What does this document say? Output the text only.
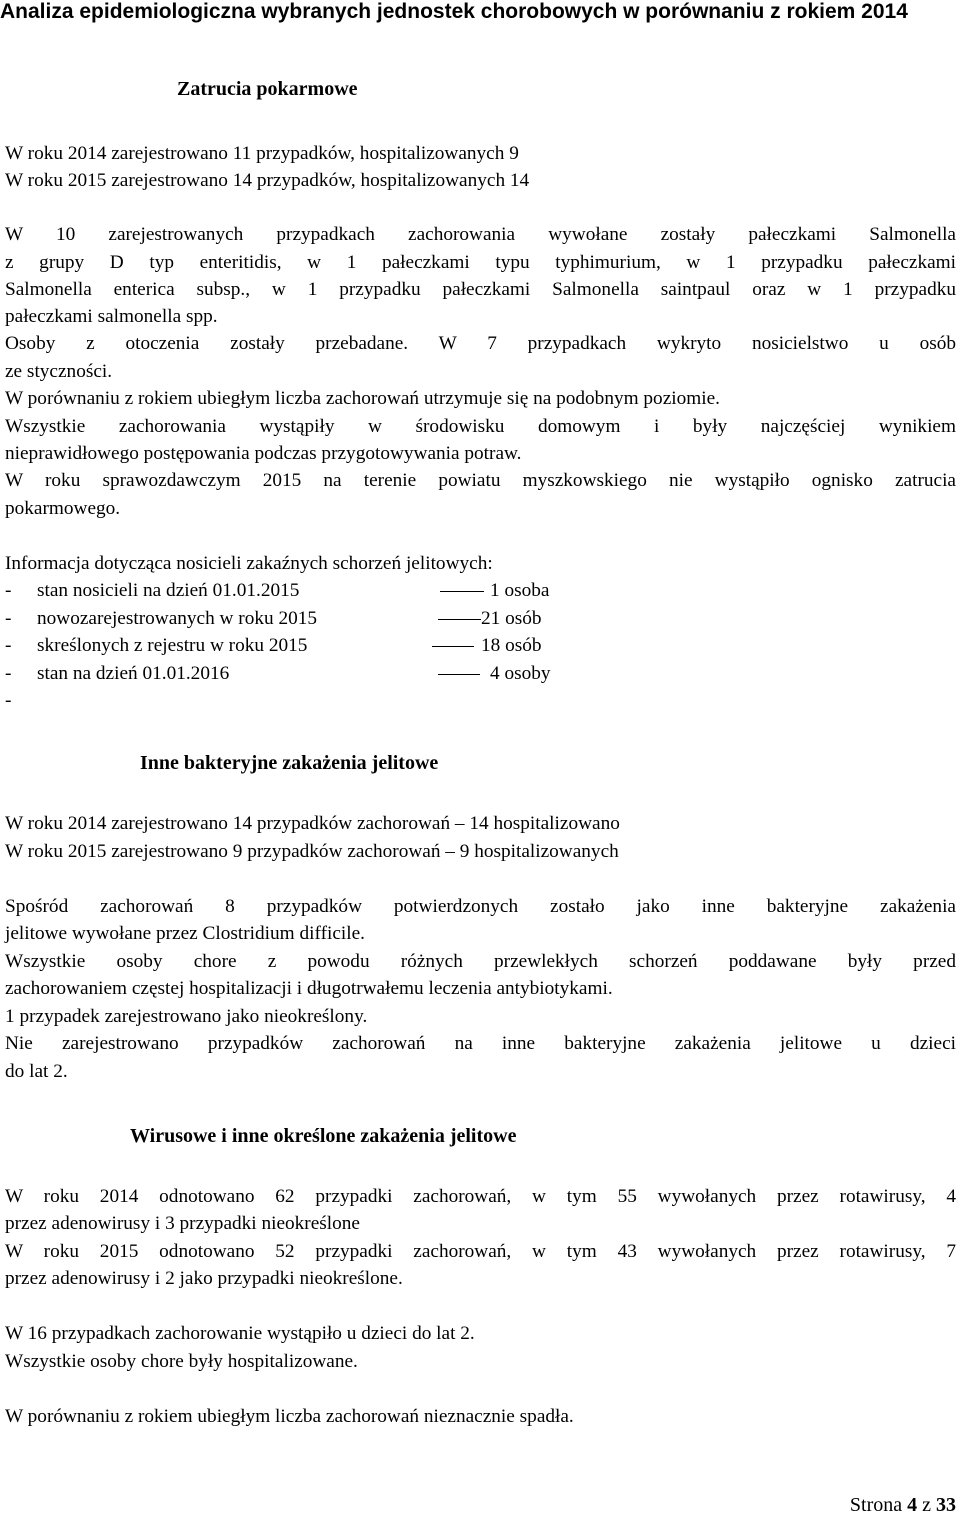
Analiza epidemiologiczna wybranych jednostek chorobowych w porównaniu z rokiem 2014
Zatrucia pokarmowe
W roku 2014 zarejestrowano 11 przypadków, hospitalizowanych 9
W roku 2015 zarejestrowano 14 przypadków, hospitalizowanych 14
W 10 zarejestrowanych przypadkach zachorowania wywołane zostały pałeczkami Salmonella
z grupy D typ enteritidis, w 1 pałeczkami typu typhimurium, w 1 przypadku pałeczkami
Salmonella enterica subsp., w 1 przypadku pałeczkami Salmonella saintpaul oraz w 1 przypadku
pałeczkami salmonella spp.
Osoby z otoczenia zostały przebadane. W 7 przypadkach wykryto nosicielstwo u osób
ze styczności.
W porównaniu z rokiem ubiegłym liczba zachorowań utrzymuje się na podobnym poziomie.
Wszystkie zachorowania wystąpiły w środowisku domowym i były najczęściej wynikiem
nieprawidłowego postępowania podczas przygotowywania potraw.
W roku sprawozdawczym 2015 na terenie powiatu myszkowskiego nie wystąpiło ognisko zatrucia
pokarmowego.
Informacja dotycząca nosicieli zakaźnych schorzeń jelitowych:
- stan nosicieli na dzień 01.01.2015	1 osoba
- nowozarejestrowanych w roku 2015	21 osób
- skreślonych z rejestru w roku 2015	18 osób
- stan na dzień 01.01.2016	4 osoby
-
Inne bakteryjne zakażenia jelitowe
W roku 2014 zarejestrowano 14 przypadków zachorowań – 14 hospitalizowano
W roku 2015 zarejestrowano 9 przypadków zachorowań – 9 hospitalizowanych
Spośród zachorowań 8 przypadków potwierdzonych zostało jako inne bakteryjne zakażenia
jelitowe wywołane przez Clostridium difficile.
Wszystkie osoby chore z powodu różnych przewlekłych schorzeń poddawane były przed
zachorowaniem częstej hospitalizacji i długotrwałemu leczenia antybiotykami.
1 przypadek zarejestrowano jako nieokreślony.
Nie zarejestrowano przypadków zachorowań na inne bakteryjne zakażenia jelitowe u dzieci
do lat 2.
Wirusowe i inne określone zakażenia jelitowe
W roku 2014 odnotowano 62 przypadki zachorowań, w tym 55 wywołanych przez rotawirusy, 4
przez adenowirusy i 3 przypadki nieokreślone
W roku 2015 odnotowano 52 przypadki zachorowań, w tym 43 wywołanych przez rotawirusy, 7
przez adenowirusy i 2 jako przypadki nieokreślone.
W 16 przypadkach zachorowanie wystąpiło u dzieci do lat 2.
Wszystkie osoby chore były hospitalizowane.
W porównaniu z rokiem ubiegłym liczba zachorowań nieznacznie spadła.
Strona 4 z 33
